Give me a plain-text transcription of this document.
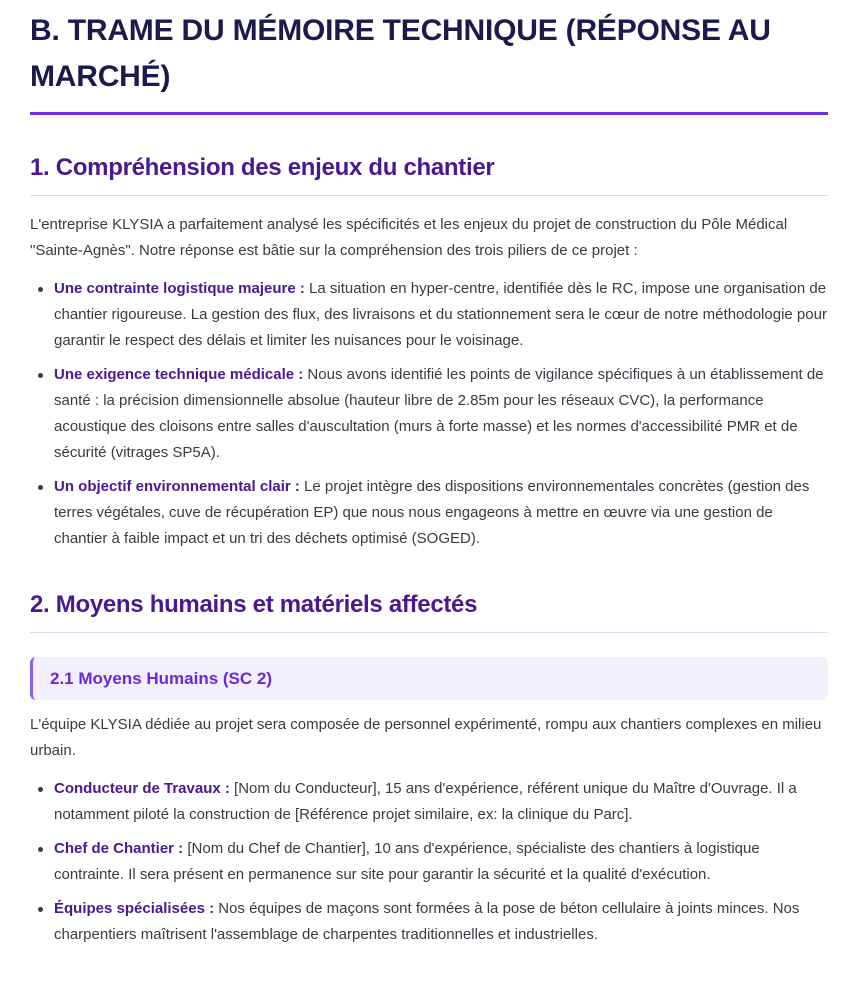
B. TRAME DU MÉMOIRE TECHNIQUE (RÉPONSE AU MARCHÉ)
1. Compréhension des enjeux du chantier

L'entreprise KLYSIA a parfaitement analysé les spécificités et les enjeux du projet de construction du Pôle Médical "Sainte-Agnès". Notre réponse est bâtie sur la compréhension des trois piliers de ce projet :

Une contrainte logistique majeure : La situation en hyper-centre, identifiée dès le RC, impose une organisation de chantier rigoureuse. La gestion des flux, des livraisons et du stationnement sera le cœur de notre méthodologie pour garantir le respect des délais et limiter les nuisances pour le voisinage.
Une exigence technique médicale : Nous avons identifié les points de vigilance spécifiques à un établissement de santé : la précision dimensionnelle absolue (hauteur libre de 2.85m pour les réseaux CVC), la performance acoustique des cloisons entre salles d'auscultation (murs à forte masse) et les normes d'accessibilité PMR et de sécurité (vitrages SP5A).
Un objectif environnemental clair : Le projet intègre des dispositions environnementales concrètes (gestion des terres végétales, cuve de récupération EP) que nous nous engageons à mettre en œuvre via une gestion de chantier à faible impact et un tri des déchets optimisé (SOGED).
2. Moyens humains et matériels affectés
2.1 Moyens Humains (SC 2)

L'équipe KLYSIA dédiée au projet sera composée de personnel expérimenté, rompu aux chantiers complexes en milieu urbain.

Conducteur de Travaux : [Nom du Conducteur], 15 ans d'expérience, référent unique du Maître d'Ouvrage. Il a notamment piloté la construction de [Référence projet similaire, ex: la clinique du Parc].
Chef de Chantier : [Nom du Chef de Chantier], 10 ans d'expérience, spécialiste des chantiers à logistique contrainte. Il sera présent en permanence sur site pour garantir la sécurité et la qualité d'exécution.
Équipes spécialisées : Nos équipes de maçons sont formées à la pose de béton cellulaire à joints minces. Nos charpentiers maîtrisent l'assemblage de charpentes traditionnelles et industrielles.
